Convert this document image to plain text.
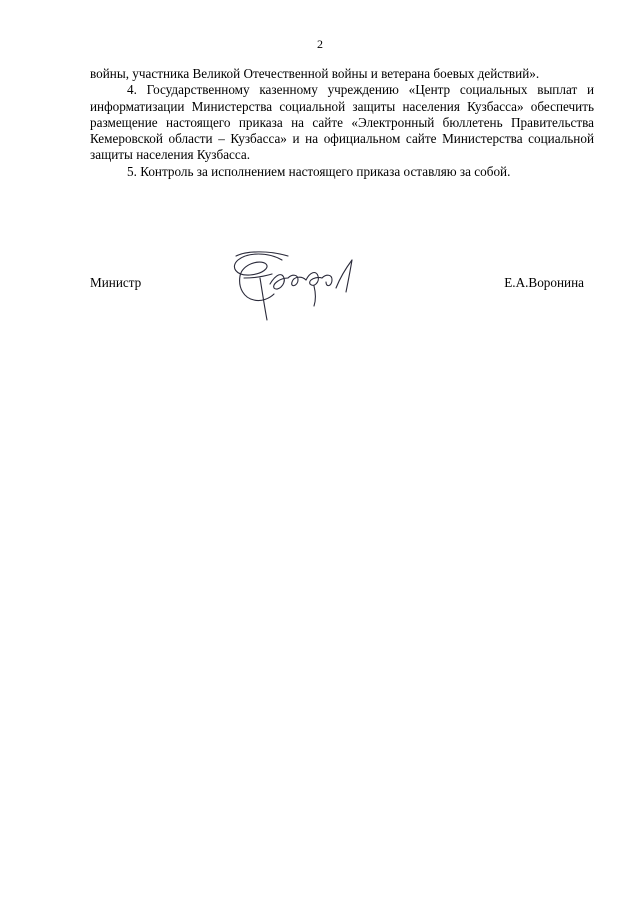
2

войны, участника Великой Отечественной войны и ветерана боевых действий».

4. Государственному казенному учреждению «Центр социальных выплат и информатизации Министерства социальной защиты населения Кузбасса» обеспечить размещение настоящего приказа на сайте «Электронный бюллетень Правительства Кемеровской области – Кузбасса» и на официальном сайте Министерства социальной защиты населения Кузбасса.

5. Контроль за исполнением настоящего приказа оставляю за собой.

Министр	Е.А.Воронина
